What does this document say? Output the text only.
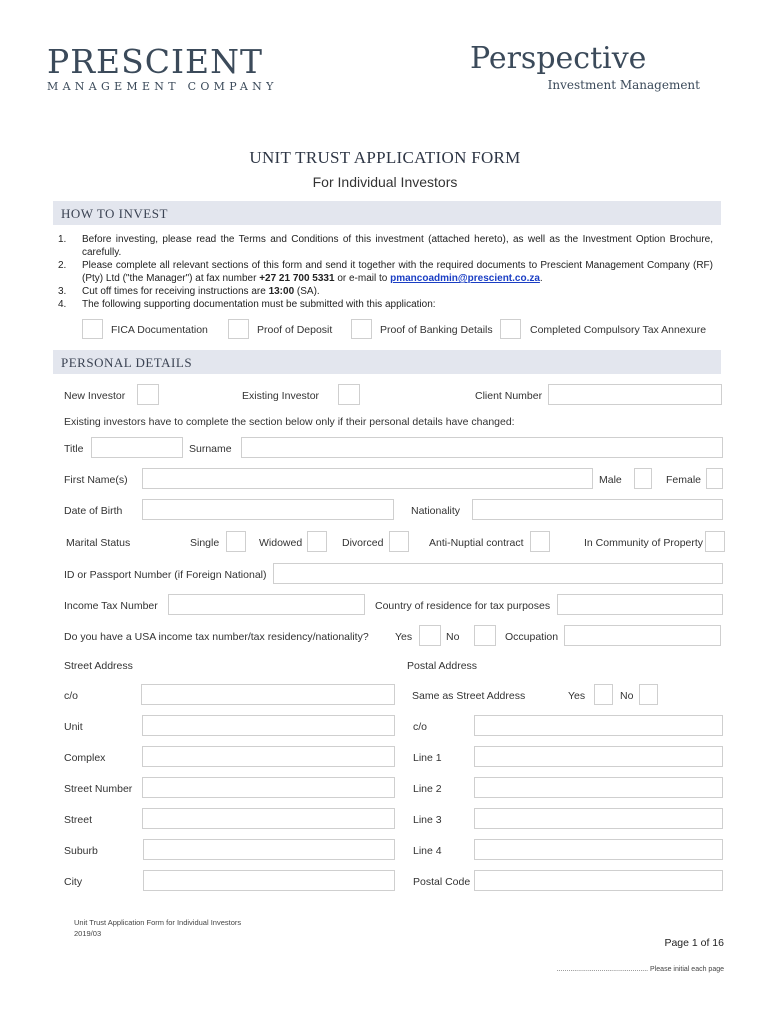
PRESCIENT
MANAGEMENT COMPANY
Perspective
Investment Management
UNIT TRUST APPLICATION FORM
For Individual Investors
HOW TO INVEST
1.	Before investing, please read the Terms and Conditions of this investment (attached hereto), as well as the Investment Option Brochure, carefully.
2.	Please complete all relevant sections of this form and send it together with the required documents to Prescient Management Company (RF) (Pty) Ltd ("the Manager") at fax number +27 21 700 5331 or e-mail to pmancoadmin@prescient.co.za.
3.	Cut off times for receiving instructions are 13:00 (SA).
4.	The following supporting documentation must be submitted with this application:
FICA Documentation	Proof of Deposit	Proof of Banking Details	Completed Compulsory Tax Annexure
PERSONAL DETAILS
New Investor	Existing Investor	Client Number
Existing investors have to complete the section below only if their personal details have changed:
Title	Surname
First Name(s)	Male	Female
Date of Birth	Nationality
Marital Status	Single	Widowed	Divorced	Anti-Nuptial contract	In Community of Property
ID or Passport Number (if Foreign National)
Income Tax Number	Country of residence for tax purposes
Do you have a USA income tax number/tax residency/nationality?	Yes	No	Occupation
Street Address	Postal Address
c/o	Same as Street Address	Yes	No
Unit	c/o
Complex	Line 1
Street Number	Line 2
Street	Line 3
Suburb	Line 4
City	Postal Code
Unit Trust Application Form for Individual Investors
2019/03
Page 1 of 16
............................................... Please initial each page
